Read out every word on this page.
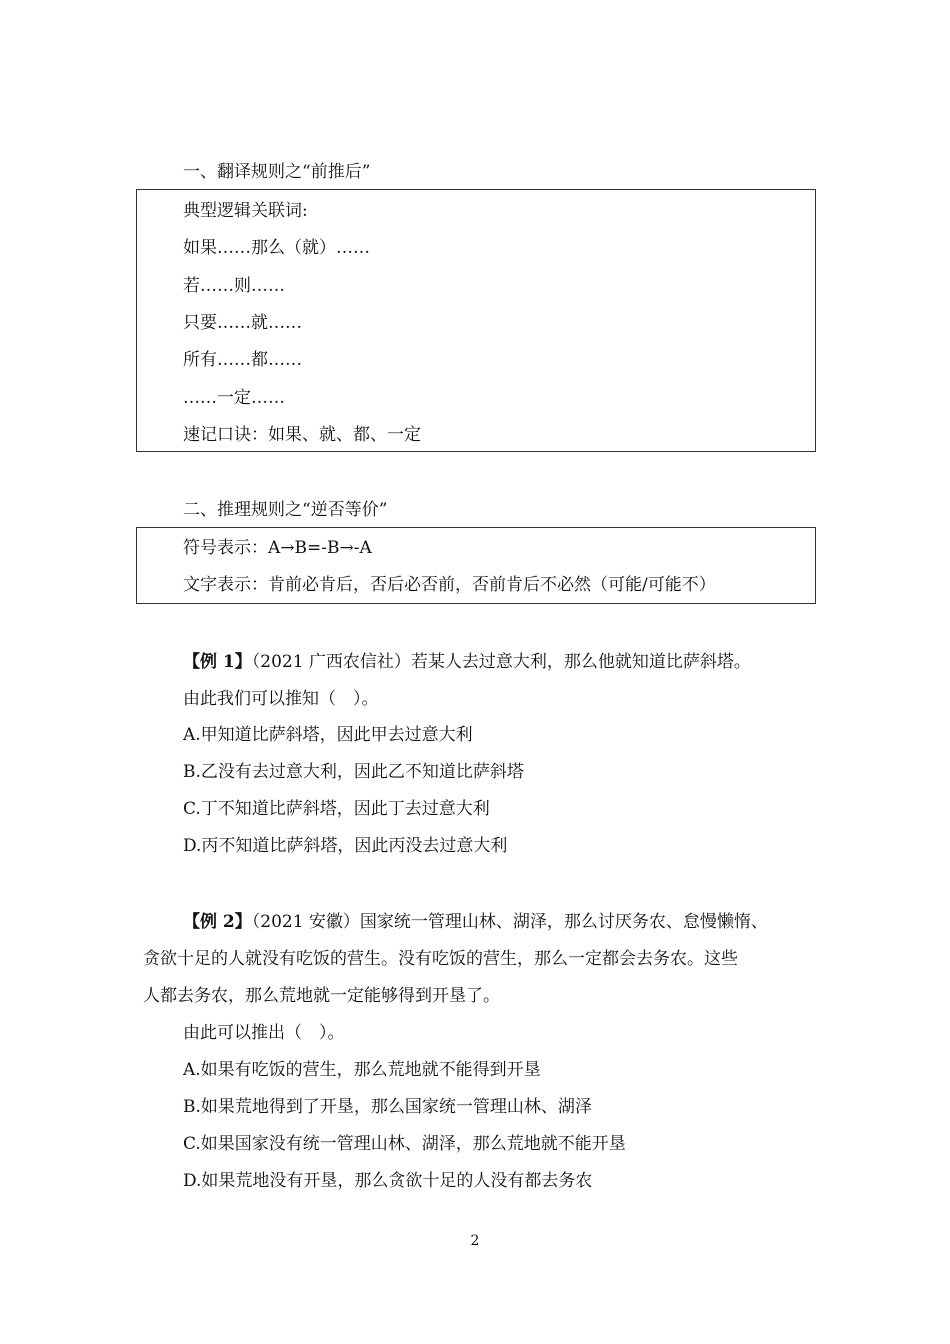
一、翻译规则之“前推后”
典型逻辑关联词:
如果……那么（就）……
若……则……
只要……就……
所有……都……
……一定……
速记口诀：如果、就、都、一定
二、推理规则之“逆否等价”
符号表示：A→B=-B→-A
文字表示：肯前必肯后，否后必否前，否前肯后不必然（可能/可能不）
【例 1】（2021 广西农信社）若某人去过意大利，那么他就知道比萨斜塔。
由此我们可以推知（　）。
A.甲知道比萨斜塔，因此甲去过意大利
B.乙没有去过意大利，因此乙不知道比萨斜塔
C.丁不知道比萨斜塔，因此丁去过意大利
D.丙不知道比萨斜塔，因此丙没去过意大利
【例 2】（2021 安徽）国家统一管理山林、湖泽，那么讨厌务农、怠慢懒惰、
贪欲十足的人就没有吃饭的营生。没有吃饭的营生，那么一定都会去务农。这些
人都去务农，那么荒地就一定能够得到开垦了。
由此可以推出（　）。
A.如果有吃饭的营生，那么荒地就不能得到开垦
B.如果荒地得到了开垦，那么国家统一管理山林、湖泽
C.如果国家没有统一管理山林、湖泽，那么荒地就不能开垦
D.如果荒地没有开垦，那么贪欲十足的人没有都去务农
2
